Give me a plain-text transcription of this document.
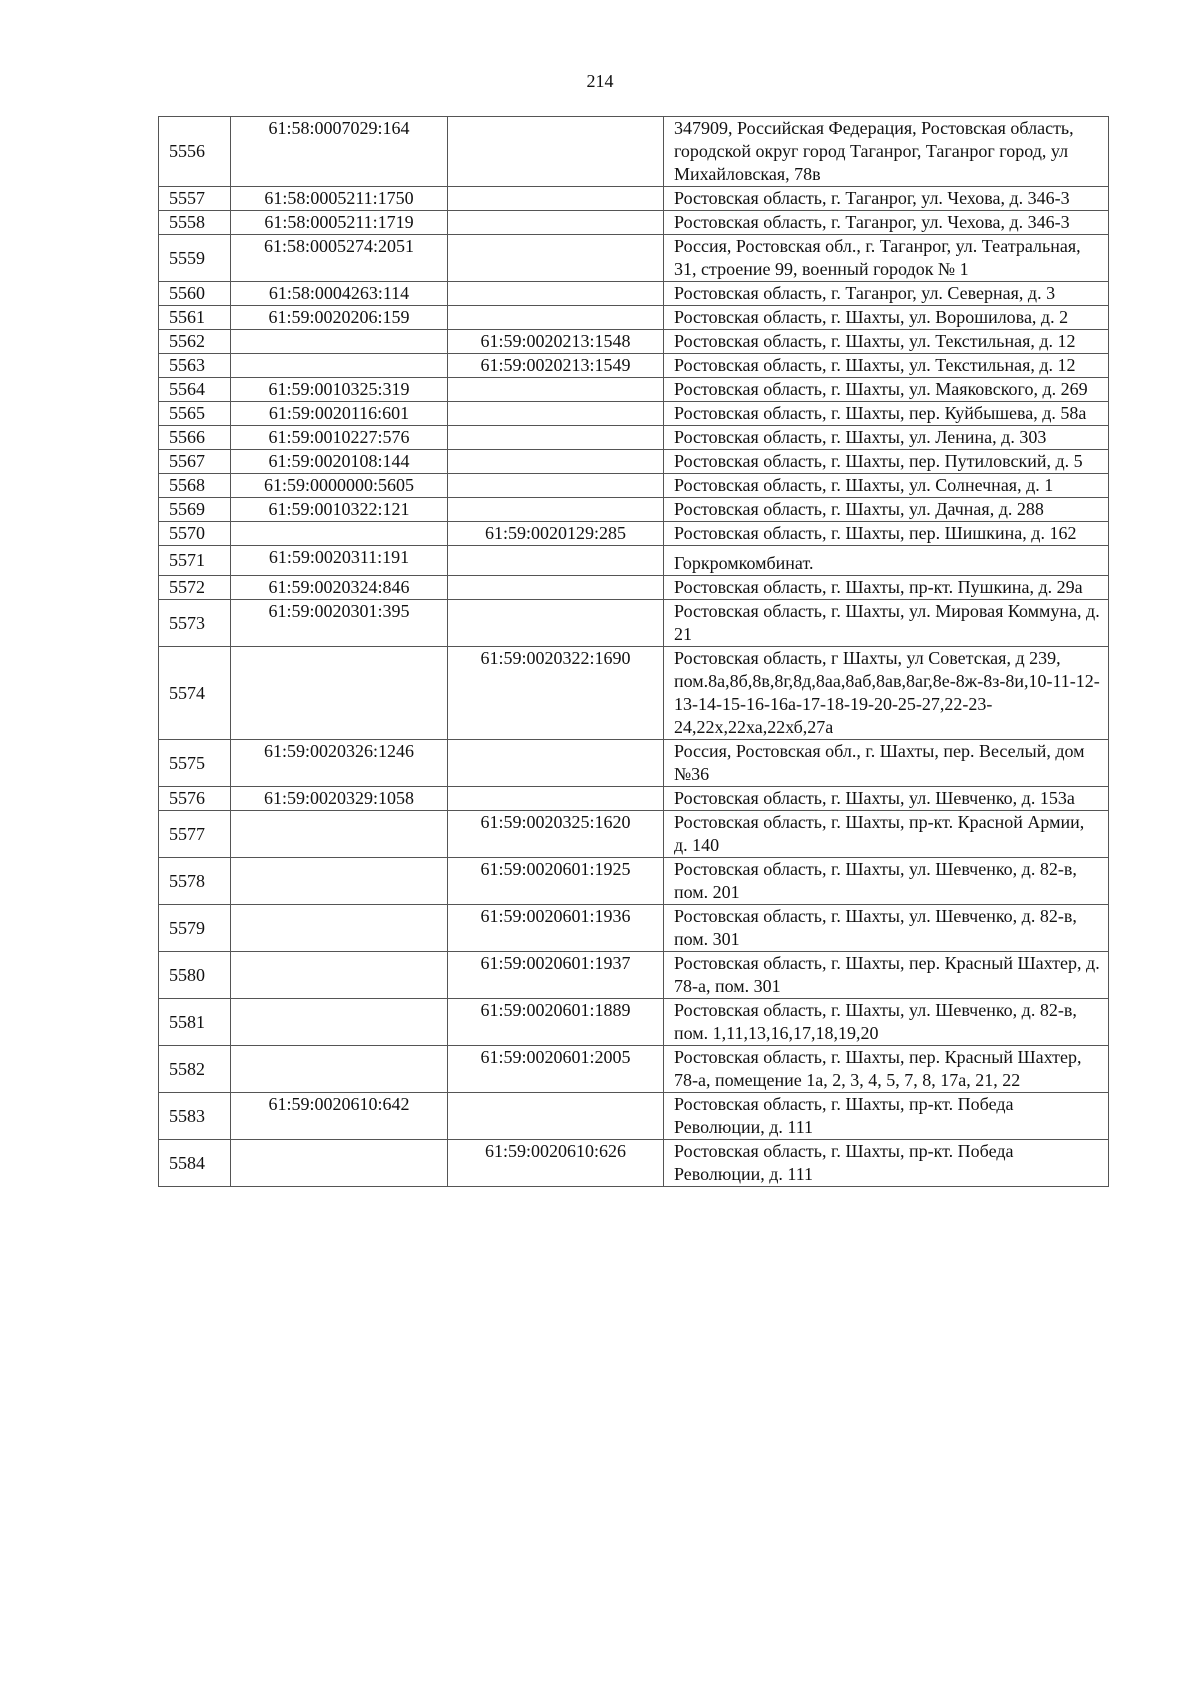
214
5556	61:58:0007029:164		347909, Российская Федерация, Ростовская область, городской округ город Таганрог, Таганрог город, ул Михайловская, 78в
5557	61:58:0005211:1750		Ростовская область, г. Таганрог, ул. Чехова, д. 346-3
5558	61:58:0005211:1719		Ростовская область, г. Таганрог, ул. Чехова, д. 346-3
5559	61:58:0005274:2051		Россия, Ростовская обл., г. Таганрог, ул. Театральная, 31, строение 99, военный городок № 1
5560	61:58:0004263:114		Ростовская область, г. Таганрог, ул. Северная, д. 3
5561	61:59:0020206:159		Ростовская область, г. Шахты, ул. Ворошилова, д. 2
5562		61:59:0020213:1548	Ростовская область, г. Шахты, ул. Текстильная, д. 12
5563		61:59:0020213:1549	Ростовская область, г. Шахты, ул. Текстильная, д. 12
5564	61:59:0010325:319		Ростовская область, г. Шахты, ул. Маяковского, д. 269
5565	61:59:0020116:601		Ростовская область, г. Шахты, пер. Куйбышева, д. 58а
5566	61:59:0010227:576		Ростовская область, г. Шахты, ул. Ленина, д. 303
5567	61:59:0020108:144		Ростовская область, г. Шахты, пер. Путиловский, д. 5
5568	61:59:0000000:5605		Ростовская область, г. Шахты, ул. Солнечная, д. 1
5569	61:59:0010322:121		Ростовская область, г. Шахты, ул. Дачная, д. 288
5570		61:59:0020129:285	Ростовская область, г. Шахты, пер. Шишкина, д. 162
5571	61:59:0020311:191		Горкромкомбинат.
5572	61:59:0020324:846		Ростовская область, г. Шахты, пр-кт. Пушкина, д. 29а
5573	61:59:0020301:395		Ростовская область, г. Шахты, ул. Мировая Коммуна, д. 21
5574		61:59:0020322:1690	Ростовская область, г Шахты, ул Советская, д 239, пом.8а,8б,8в,8г,8д,8аа,8аб,8ав,8аг,8е-8ж-8з-8и,10-11-12-13-14-15-16-16а-17-18-19-20-25-27,22-23-24,22х,22ха,22хб,27а
5575	61:59:0020326:1246		Россия, Ростовская обл., г. Шахты, пер. Веселый, дом №36
5576	61:59:0020329:1058		Ростовская область, г. Шахты, ул. Шевченко, д. 153а
5577		61:59:0020325:1620	Ростовская область, г. Шахты, пр-кт. Красной Армии, д. 140
5578		61:59:0020601:1925	Ростовская область, г. Шахты, ул. Шевченко, д. 82-в, пом. 201
5579		61:59:0020601:1936	Ростовская область, г. Шахты, ул. Шевченко, д. 82-в, пом. 301
5580		61:59:0020601:1937	Ростовская область, г. Шахты, пер. Красный Шахтер, д. 78-а, пом. 301
5581		61:59:0020601:1889	Ростовская область, г. Шахты, ул. Шевченко, д. 82-в, пом. 1,11,13,16,17,18,19,20
5582		61:59:0020601:2005	Ростовская область, г. Шахты, пер. Красный Шахтер, 78-а, помещение 1а, 2, 3, 4, 5, 7, 8, 17а, 21, 22
5583	61:59:0020610:642		Ростовская область, г. Шахты, пр-кт. Победа Революции, д. 111
5584		61:59:0020610:626	Ростовская область, г. Шахты, пр-кт. Победа Революции, д. 111
